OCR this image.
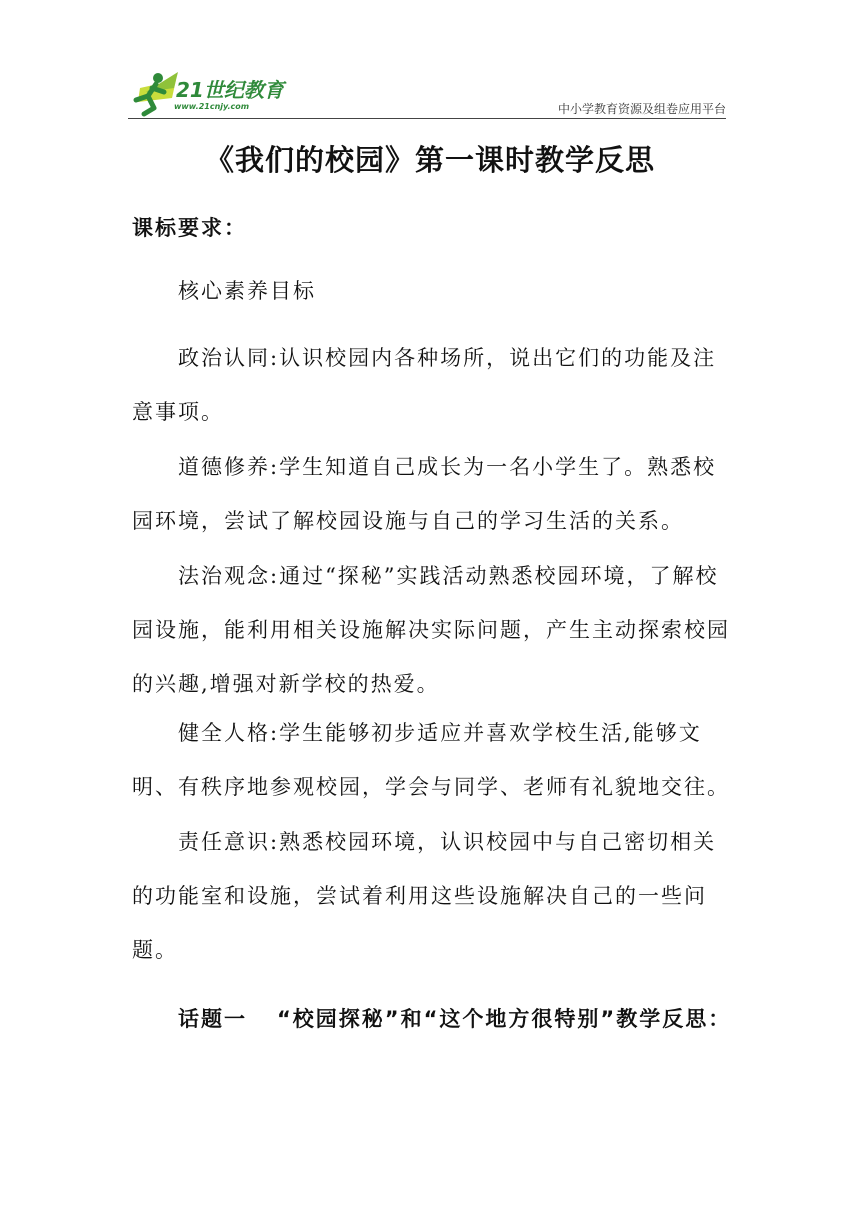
21世纪教育
www.21cnjy.com	中小学教育资源及组卷应用平台
《我们的校园》第一课时教学反思
课标要求：

核心素养目标

政治认同:认识校园内各种场所，说出它们的功能及注意事项。

道德修养:学生知道自己成长为一名小学生了。熟悉校园环境，尝试了解校园设施与自己的学习生活的关系。

法治观念:通过“探秘”实践活动熟悉校园环境，了解校园设施，能利用相关设施解决实际问题，产生主动探索校园的兴趣,增强对新学校的热爱。

健全人格:学生能够初步适应并喜欢学校生活,能够文明、有秩序地参观校园，学会与同学、老师有礼貌地交往。

责任意识:熟悉校园环境，认识校园中与自己密切相关的功能室和设施，尝试着利用这些设施解决自己的一些问题。

话题一 “校园探秘”和“这个地方很特别”教学反思：
